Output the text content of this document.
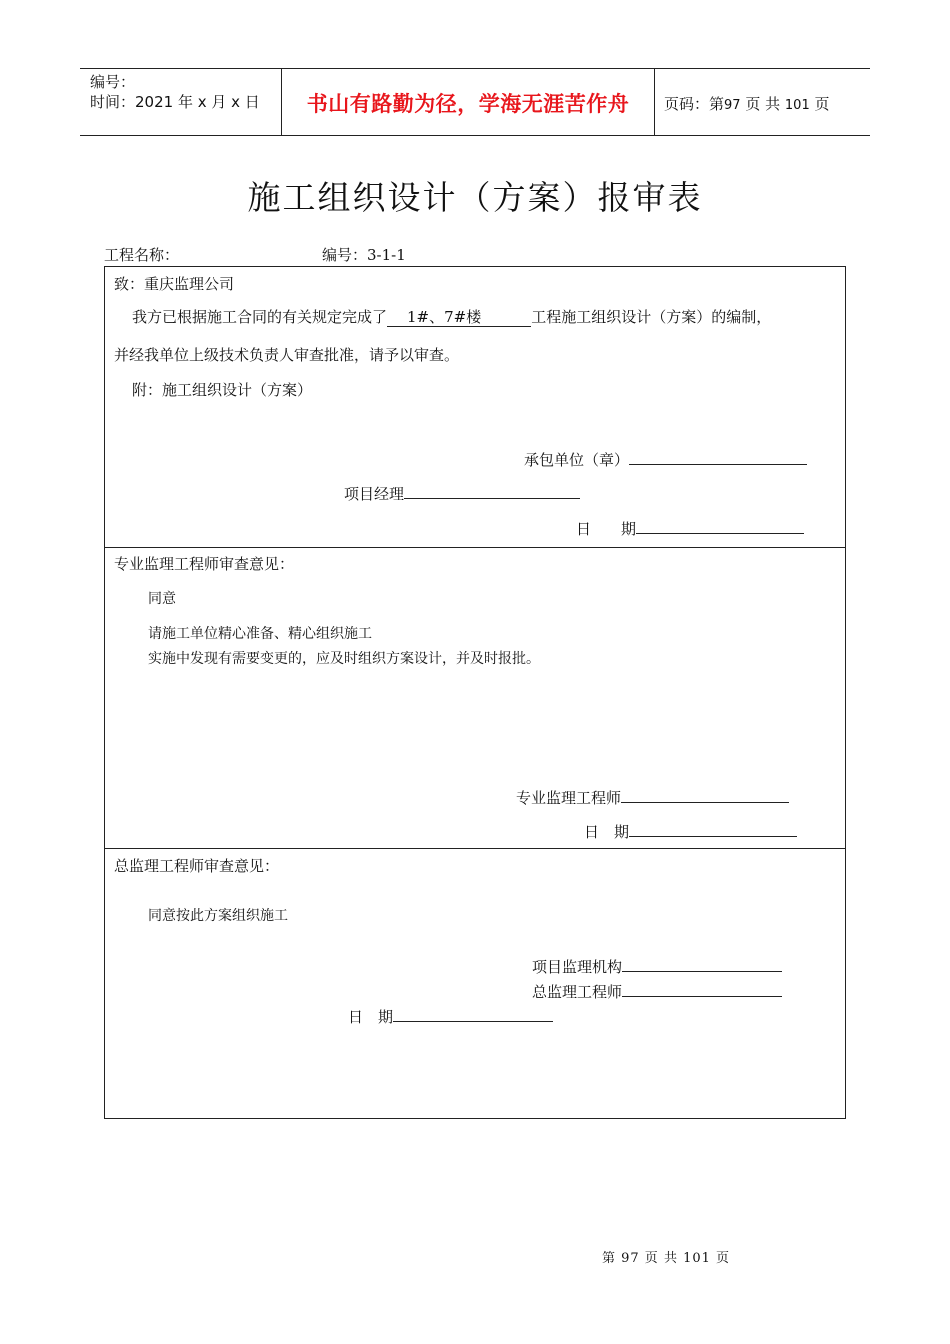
编号：
时间：2021 年 x 月 x 日	书山有路勤为径，学海无涯苦作舟	页码：第97 页 共 101 页
施工组织设计（方案）报审表
工程名称：	编号：3-1-1
致：重庆监理公司
我方已根据施工合同的有关规定完成了 1#、7#楼	工程施工组织设计（方案）的编制，
并经我单位上级技术负责人审查批准，请予以审查。
附：施工组织设计（方案）
承包单位（章）
项目经理
日　　期
专业监理工程师审查意见：
同意
请施工单位精心准备、精心组织施工
实施中发现有需要变更的，应及时组织方案设计，并及时报批。
专业监理工程师
日　期
总监理工程师审查意见：
同意按此方案组织施工
项目监理机构
总监理工程师
日　期
第 97 页 共 101 页
